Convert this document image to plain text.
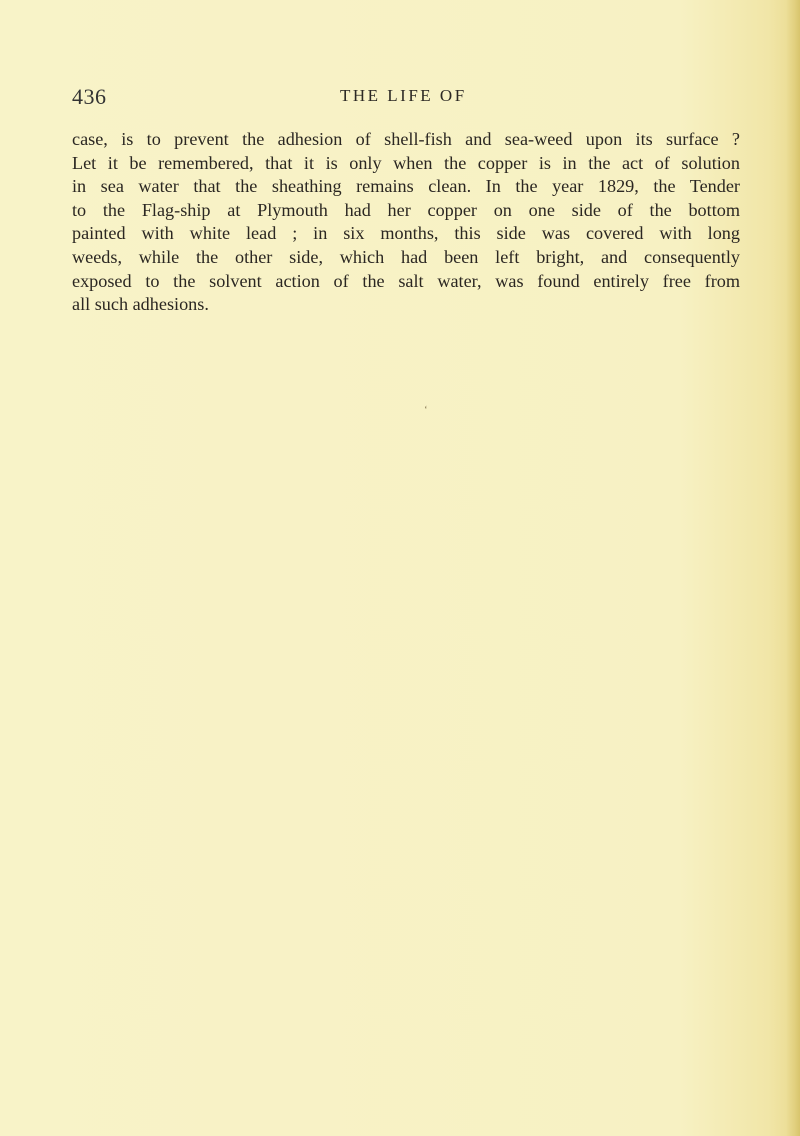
436	THE LIFE OF
case, is to prevent the adhesion of shell-fish and sea-weed upon its surface ?
Let it be remembered, that it is only when the copper is in the act of solution
in sea water that the sheathing remains clean. In the year 1829, the Tender
to the Flag-ship at Plymouth had her copper on one side of the bottom
painted with white lead ; in six months, this side was covered with long
weeds, while the other side, which had been left bright, and consequently
exposed to the solvent action of the salt water, was found entirely free from
all such adhesions.
‘
